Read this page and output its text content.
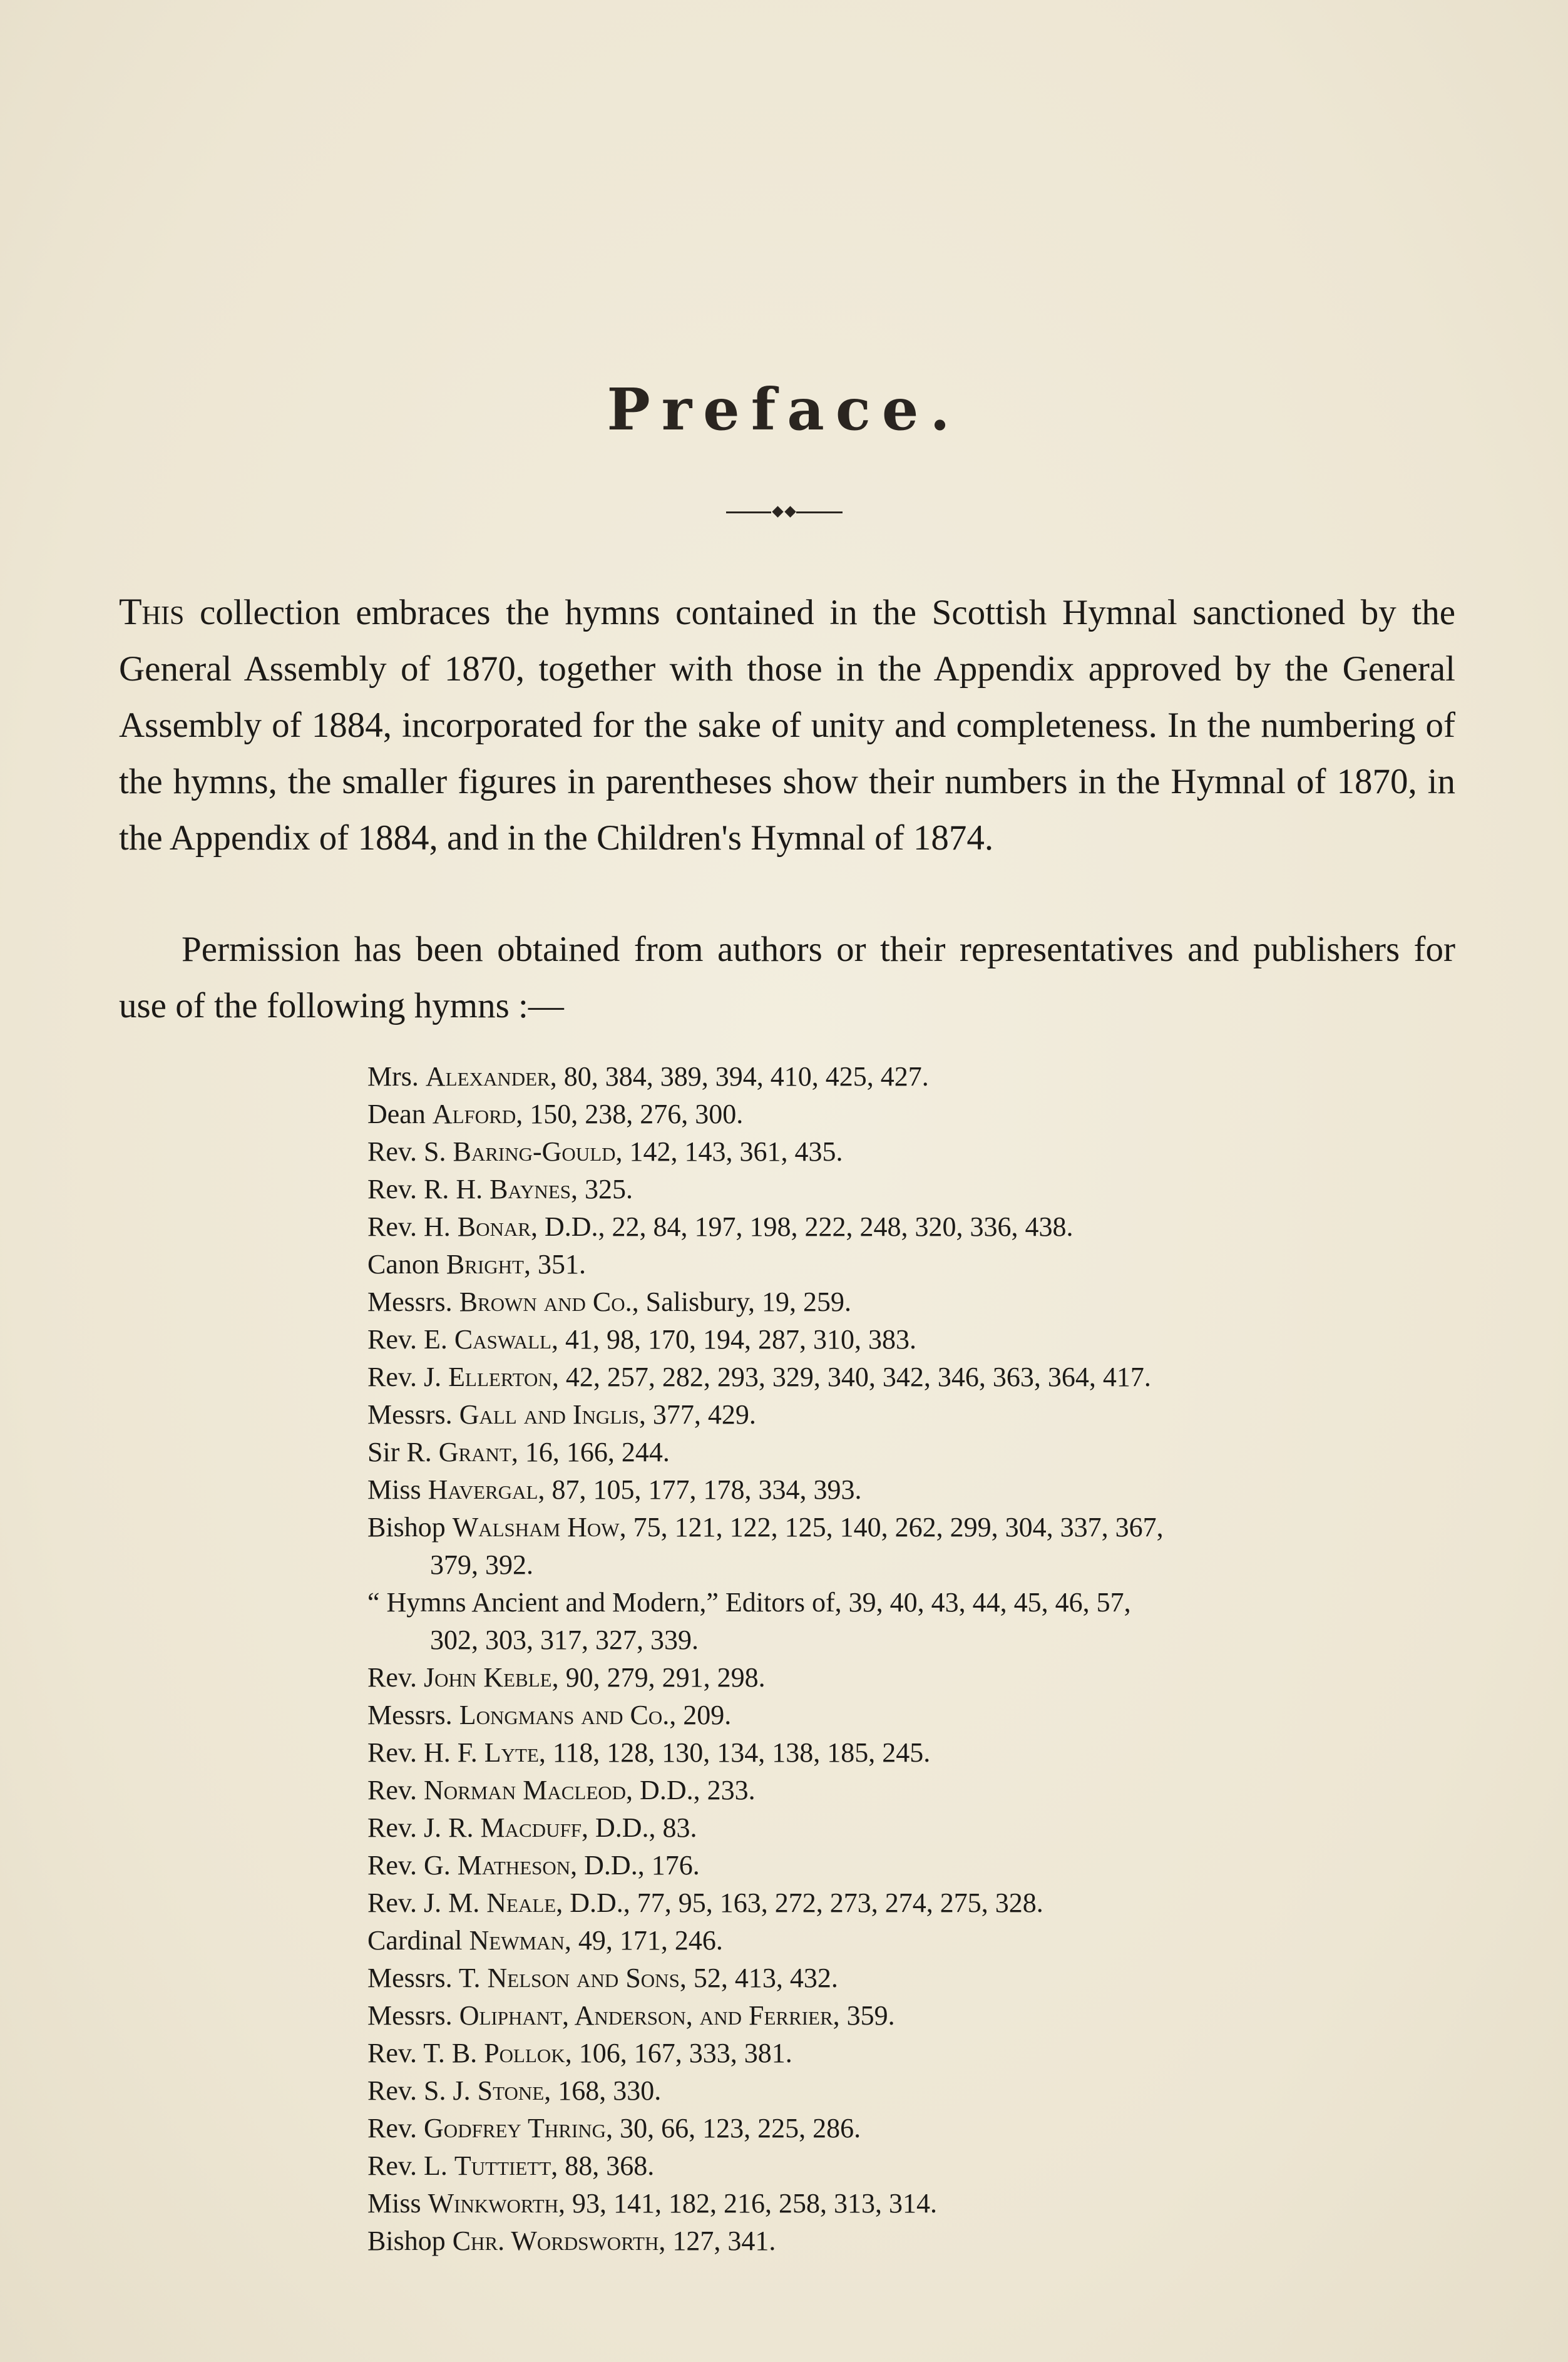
Preface.
This collection embraces the hymns contained in the Scottish Hymnal sanctioned by the General Assembly of 1870, together with those in the Appendix approved by the General Assembly of 1884, incorporated for the sake of unity and completeness. In the numbering of the hymns, the smaller figures in parentheses show their numbers in the Hymnal of 1870, in the Appendix of 1884, and in the Children's Hymnal of 1874.
Permission has been obtained from authors or their representatives and publishers for use of the following hymns :—
Mrs. Alexander, 80, 384, 389, 394, 410, 425, 427.
Dean Alford, 150, 238, 276, 300.
Rev. S. Baring-Gould, 142, 143, 361, 435.
Rev. R. H. Baynes, 325.
Rev. H. Bonar, D.D., 22, 84, 197, 198, 222, 248, 320, 336, 438.
Canon Bright, 351.
Messrs. Brown and Co., Salisbury, 19, 259.
Rev. E. Caswall, 41, 98, 170, 194, 287, 310, 383.
Rev. J. Ellerton, 42, 257, 282, 293, 329, 340, 342, 346, 363, 364, 417.
Messrs. Gall and Inglis, 377, 429.
Sir R. Grant, 16, 166, 244.
Miss Havergal, 87, 105, 177, 178, 334, 393.
Bishop Walsham How, 75, 121, 122, 125, 140, 262, 299, 304, 337, 367,
379, 392.
“ Hymns Ancient and Modern,” Editors of, 39, 40, 43, 44, 45, 46, 57,
302, 303, 317, 327, 339.
Rev. John Keble, 90, 279, 291, 298.
Messrs. Longmans and Co., 209.
Rev. H. F. Lyte, 118, 128, 130, 134, 138, 185, 245.
Rev. Norman Macleod, D.D., 233.
Rev. J. R. Macduff, D.D., 83.
Rev. G. Matheson, D.D., 176.
Rev. J. M. Neale, D.D., 77, 95, 163, 272, 273, 274, 275, 328.
Cardinal Newman, 49, 171, 246.
Messrs. T. Nelson and Sons, 52, 413, 432.
Messrs. Oliphant, Anderson, and Ferrier, 359.
Rev. T. B. Pollok, 106, 167, 333, 381.
Rev. S. J. Stone, 168, 330.
Rev. Godfrey Thring, 30, 66, 123, 225, 286.
Rev. L. Tuttiett, 88, 368.
Miss Winkworth, 93, 141, 182, 216, 258, 313, 314.
Bishop Chr. Wordsworth, 127, 341.
